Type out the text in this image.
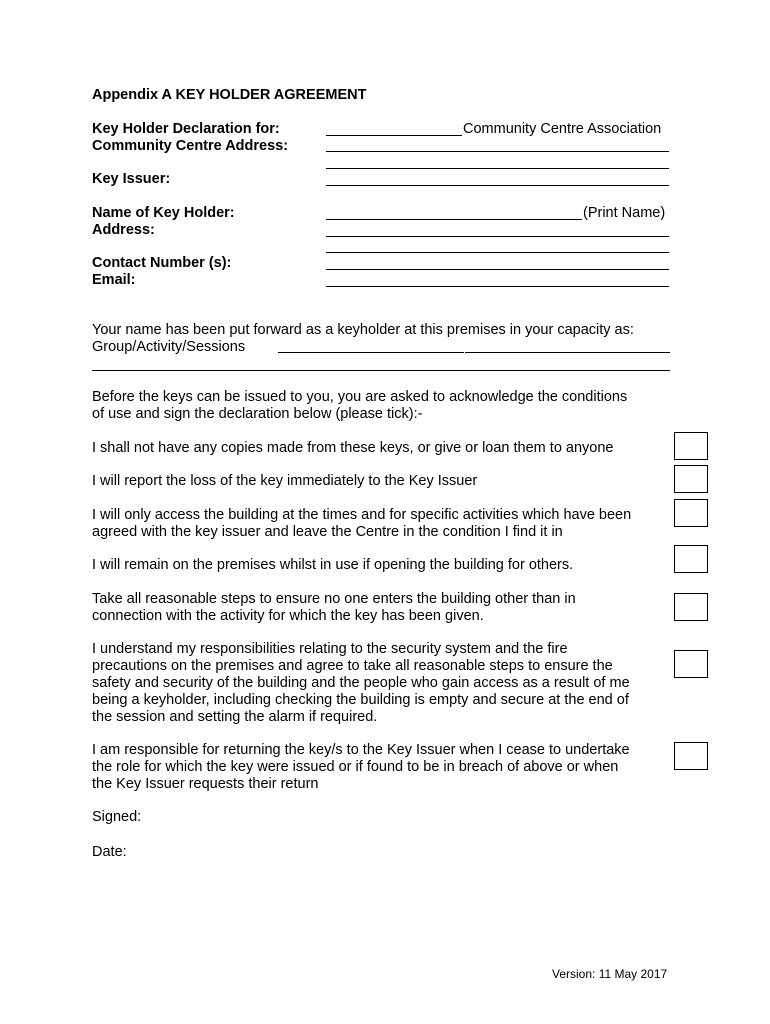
Appendix A KEY HOLDER AGREEMENT
Key Holder Declaration for:	Community Centre Association
Community Centre Address:
Key Issuer:
Name of Key Holder:	(Print Name)
Address:
Contact Number (s):
Email:
Your name has been put forward as a keyholder at this premises in your capacity as:
Group/Activity/Sessions
Before the keys can be issued to you, you are asked to acknowledge the conditions
of use and sign the declaration below (please tick):-
I shall not have any copies made from these keys, or give or loan them to anyone
I will report the loss of the key immediately to the Key Issuer
I will only access the building at the times and for specific activities which have been
agreed with the key issuer and leave the Centre in the condition I find it in
I will remain on the premises whilst in use if opening the building for others.
Take all reasonable steps to ensure no one enters the building other than in
connection with the activity for which the key has been given.
I understand my responsibilities relating to the security system and the fire
precautions on the premises and agree to take all reasonable steps to ensure the
safety and security of the building and the people who gain access as a result of me
being a keyholder, including checking the building is empty and secure at the end of
the session and setting the alarm if required.
I am responsible for returning the key/s to the Key Issuer when I cease to undertake
the role for which the key were issued or if found to be in breach of above or when
the Key Issuer requests their return
Signed:
Date:
Version: 11 May 2017
